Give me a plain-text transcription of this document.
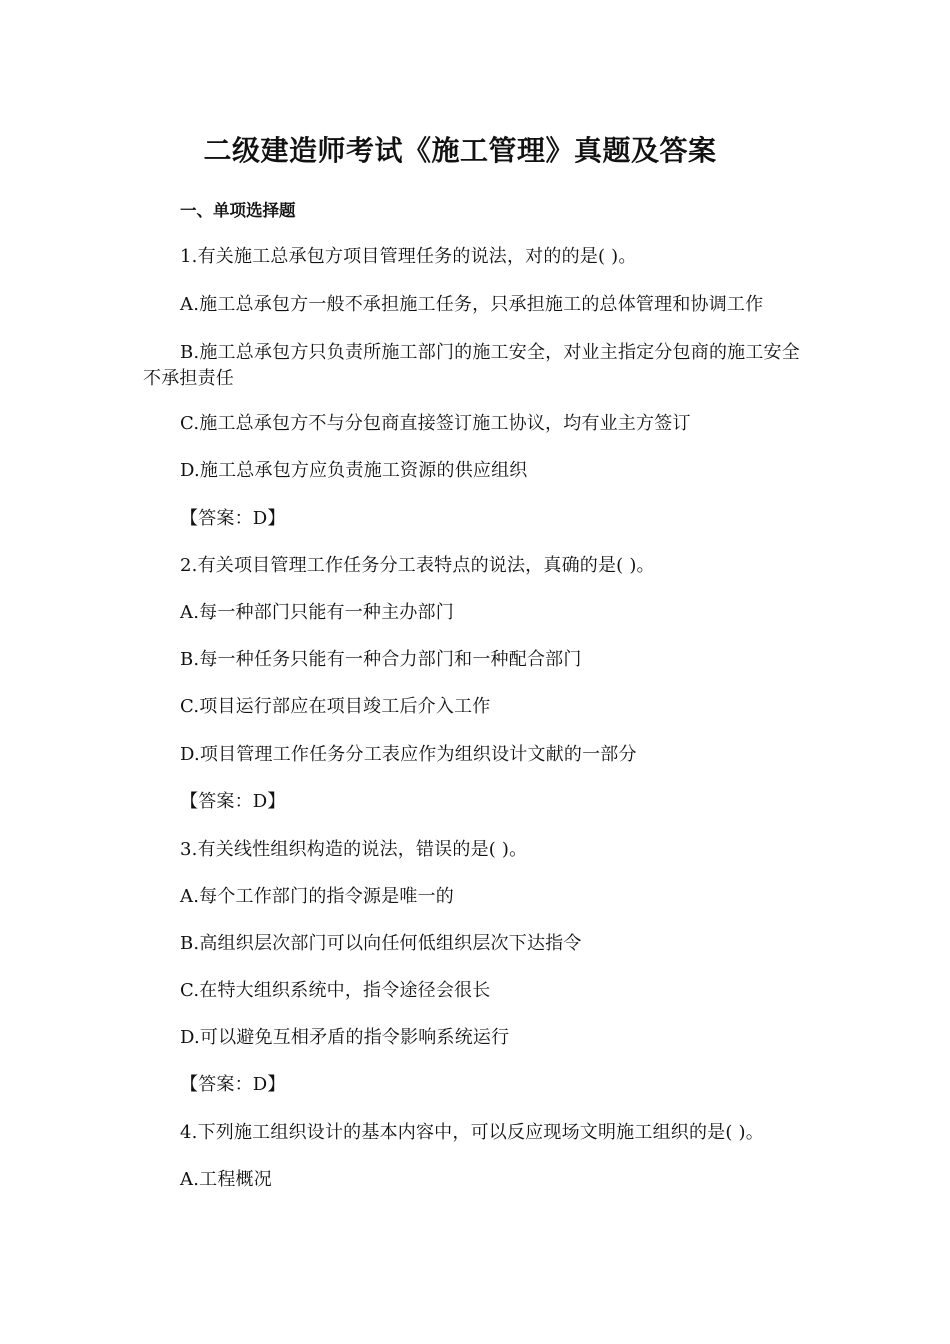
二级建造师考试《施工管理》真题及答案
一、单项选择题
1.有关施工总承包方项目管理任务的说法，对的的是( )。
A.施工总承包方一般不承担施工任务，只承担施工的总体管理和协调工作
B.施工总承包方只负责所施工部门的施工安全，对业主指定分包商的施工安全不承担责任
C.施工总承包方不与分包商直接签订施工协议，均有业主方签订
D.施工总承包方应负责施工资源的供应组织
【答案：D】
2.有关项目管理工作任务分工表特点的说法，真确的是( )。
A.每一种部门只能有一种主办部门
B.每一种任务只能有一种合力部门和一种配合部门
C.项目运行部应在项目竣工后介入工作
D.项目管理工作任务分工表应作为组织设计文献的一部分
【答案：D】
3.有关线性组织构造的说法，错误的是( )。
A.每个工作部门的指令源是唯一的
B.高组织层次部门可以向任何低组织层次下达指令
C.在特大组织系统中，指令途径会很长
D.可以避免互相矛盾的指令影响系统运行
【答案：D】
4.下列施工组织设计的基本内容中，可以反应现场文明施工组织的是( )。
A.工程概况
